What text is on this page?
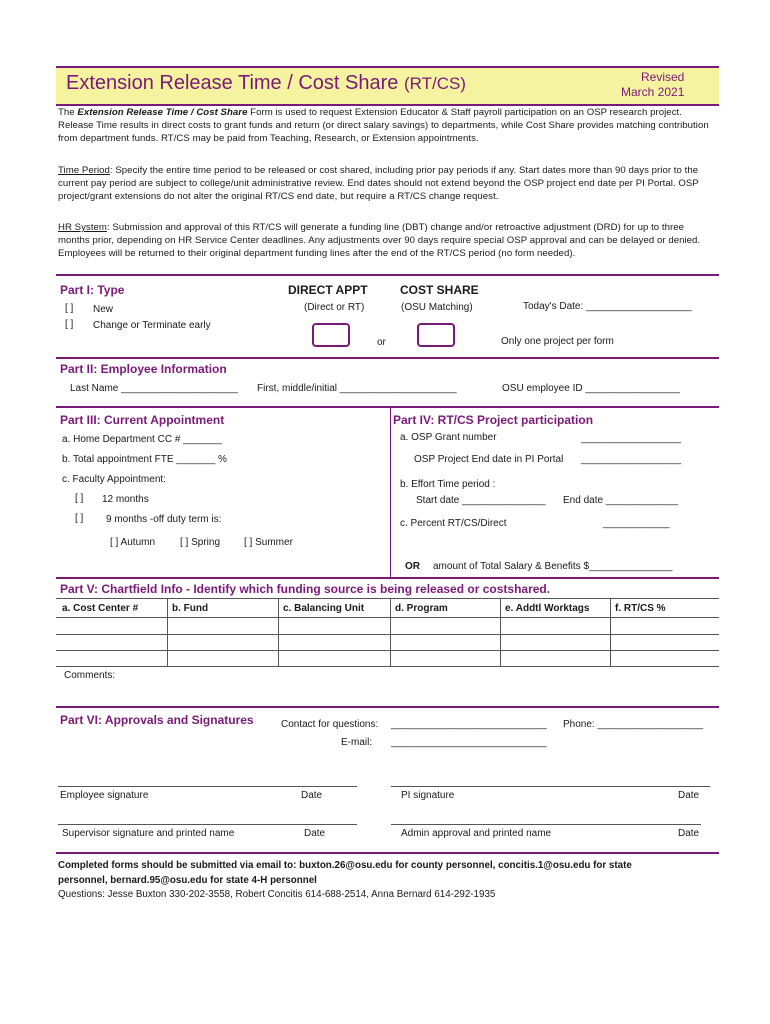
Extension Release Time / Cost Share (RT/CS)	Revised
March 2021
The Extension Release Time / Cost Share Form is used to request Extension Educator & Staff payroll participation on an OSP research project. Release Time results in direct costs to grant funds and return (or direct salary savings) to departments, while Cost Share provides matching contribution from department funds. RT/CS may be paid from Teaching, Research, or Extension appointments.
Time Period: Specify the entire time period to be released or cost shared, including prior pay periods if any. Start dates more than 90 days prior to the current pay period are subject to college/unit administrative review. End dates should not extend beyond the OSP project end date per PI Portal. OSP project/grant extensions do not alter the original RT/CS end date, but require a RT/CS change request.
HR System: Submission and approval of this RT/CS will generate a funding line (DBT) change and/or retroactive adjustment (DRD) for up to three months prior, depending on HR Service Center deadlines. Any adjustments over 90 days require special OSP approval and can be delayed or denied. Employees will be returned to their original department funding lines after the end of the RT/CS period (no form needed).
Part I: Type
[ ] New
[ ] Change or Terminate early
DIRECT APPT
(Direct or RT)
COST SHARE
(OSU Matching)
or
Today's Date: ___________________
Only one project per form
Part II: Employee Information
Last Name _____________________ First, middle/initial _____________________	OSU employee ID _________________
Part III: Current Appointment
a. Home Department CC # _______
b. Total appointment FTE _______ %
c. Faculty Appointment:
[ ] 12 months
[ ] 9 months -off duty term is:
[ ] Autumn [ ] Spring [ ] Summer
Part IV: RT/CS Project participation
a. OSP Grant number	__________________
OSP Project End date in PI Portal __________________
b. Effort Time period :
Start date _______________ End date _____________
c. Percent RT/CS/Direct	____________
OR amount of Total Salary & Benefits $_______________
Part V: Chartfield Info - Identify which funding source is being released or costshared.
a. Cost Center #	b. Fund	c. Balancing Unit	d. Program	e. Addtl Worktags	f. RT/CS %
Comments:
Part VI: Approvals and Signatures	Contact for questions: ____________________________ Phone: ___________________
E-mail: ____________________________
Employee signature	Date	PI signature	Date
Supervisor signature and printed name	Date	Admin approval and printed name	Date
Completed forms should be submitted via email to: buxton.26@osu.edu for county personnel, concitis.1@osu.edu for state
personnel, bernard.95@osu.edu for state 4-H personnel
Questions: Jesse Buxton 330-202-3558, Robert Concitis 614-688-2514, Anna Bernard 614-292-1935
